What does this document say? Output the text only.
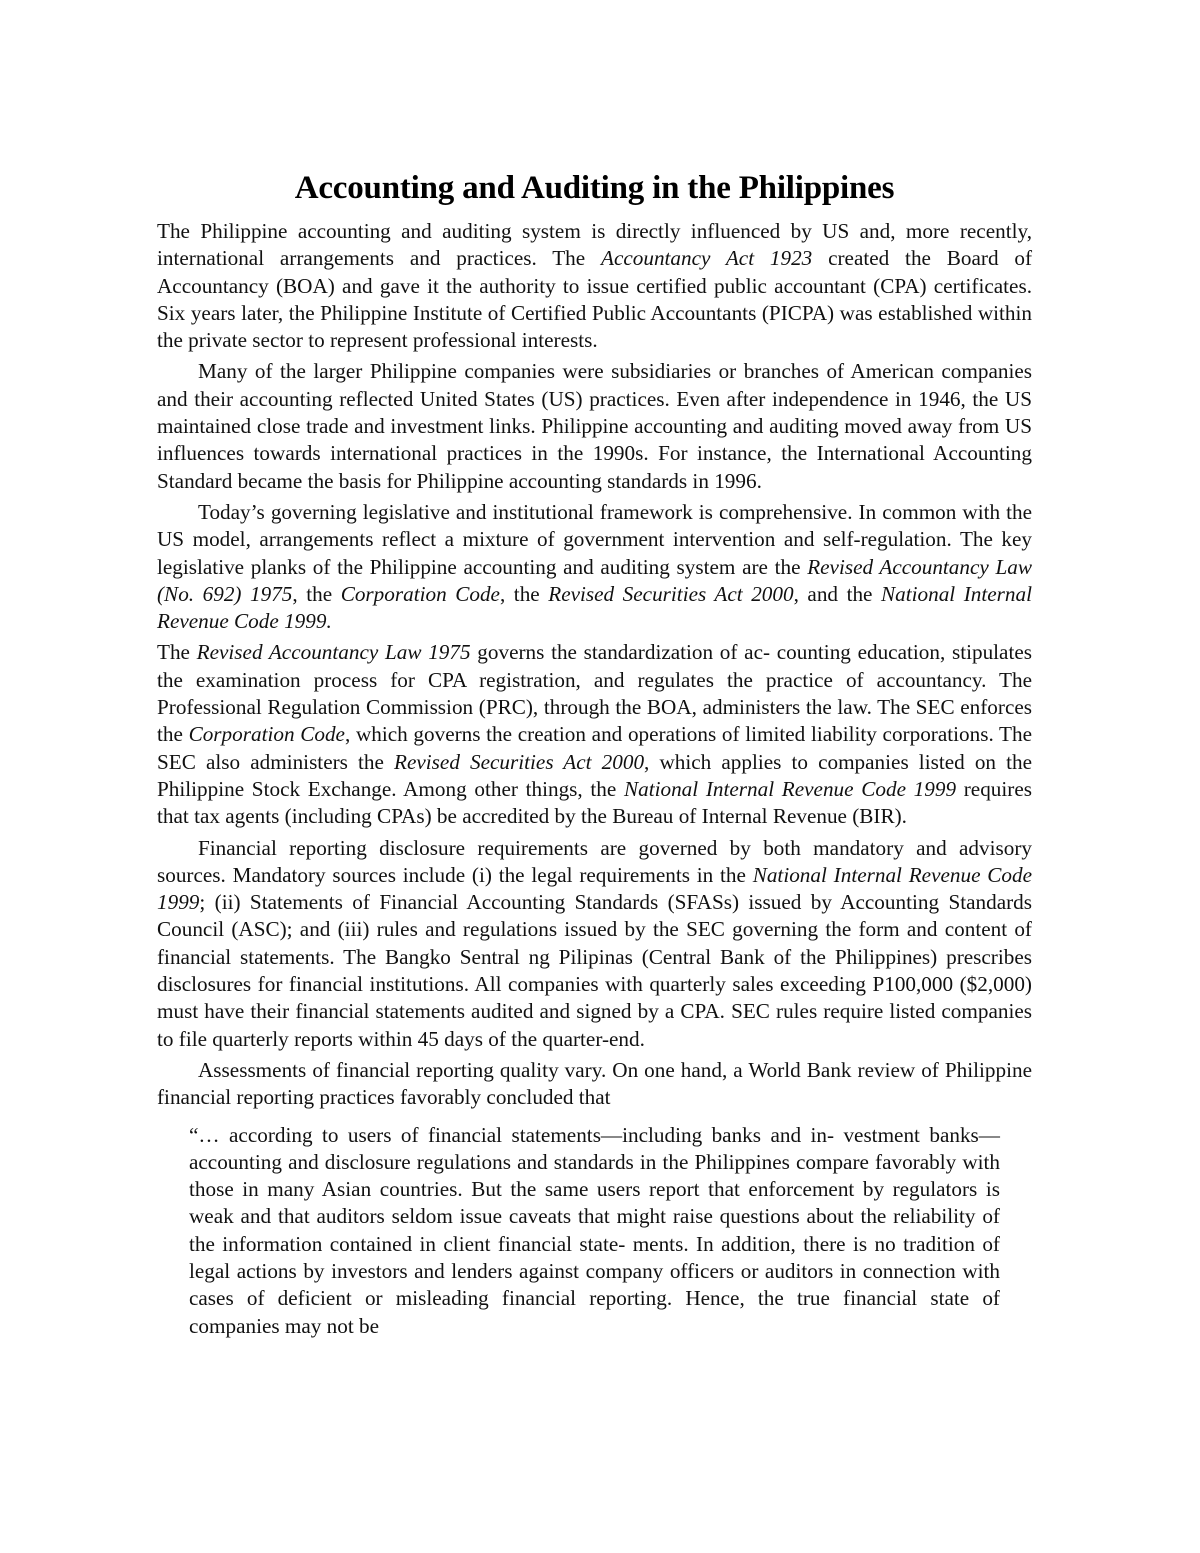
Accounting and Auditing in the Philippines

The Philippine accounting and auditing system is directly influenced by US and, more recently, international arrangements and practices. The Accountancy Act 1923 created the Board of Accountancy (BOA) and gave it the authority to issue certified public accountant (CPA) certificates. Six years later, the Philippine Institute of Certified Public Accountants (PICPA) was established within the private sector to represent professional interests.

Many of the larger Philippine companies were subsidiaries or branches of American companies and their accounting reflected United States (US) practices. Even after independence in 1946, the US maintained close trade and investment links. Philippine accounting and auditing moved away from US influences towards international practices in the 1990s. For instance, the International Accounting Standard became the basis for Philippine accounting standards in 1996.

Today’s governing legislative and institutional framework is comprehensive. In common with the US model, arrangements reflect a mixture of government intervention and self-regulation. The key legislative planks of the Philippine accounting and auditing system are the Revised Accountancy Law (No. 692) 1975, the Corporation Code, the Revised Securities Act 2000, and the National Internal Revenue Code 1999.

The Revised Accountancy Law 1975 governs the standardization of ac- counting education, stipulates the examination process for CPA registration, and regulates the practice of accountancy. The Professional Regulation Commission (PRC), through the BOA, administers the law. The SEC enforces the Corporation Code, which governs the creation and operations of limited liability corporations. The SEC also administers the Revised Securities Act 2000, which applies to companies listed on the Philippine Stock Exchange. Among other things, the National Internal Revenue Code 1999 requires that tax agents (including CPAs) be accredited by the Bureau of Internal Revenue (BIR).

Financial reporting disclosure requirements are governed by both mandatory and advisory sources. Mandatory sources include (i) the legal requirements in the National Internal Revenue Code 1999; (ii) Statements of Financial Accounting Standards (SFASs) issued by Accounting Standards Council (ASC); and (iii) rules and regulations issued by the SEC governing the form and content of financial statements. The Bangko Sentral ng Pilipinas (Central Bank of the Philippines) prescribes disclosures for financial institutions. All companies with quarterly sales exceeding P100,000 ($2,000) must have their financial statements audited and signed by a CPA. SEC rules require listed companies to file quarterly reports within 45 days of the quarter-end.

Assessments of financial reporting quality vary. On one hand, a World Bank review of Philippine financial reporting practices favorably concluded that

“… according to users of financial statements—including banks and in- vestment banks—accounting and disclosure regulations and standards in the Philippines compare favorably with those in many Asian countries. But the same users report that enforcement by regulators is weak and that auditors seldom issue caveats that might raise questions about the reliability of the information contained in client financial state- ments. In addition, there is no tradition of legal actions by investors and lenders against company officers or auditors in connection with cases of deficient or misleading financial reporting. Hence, the true financial state of companies may not be
